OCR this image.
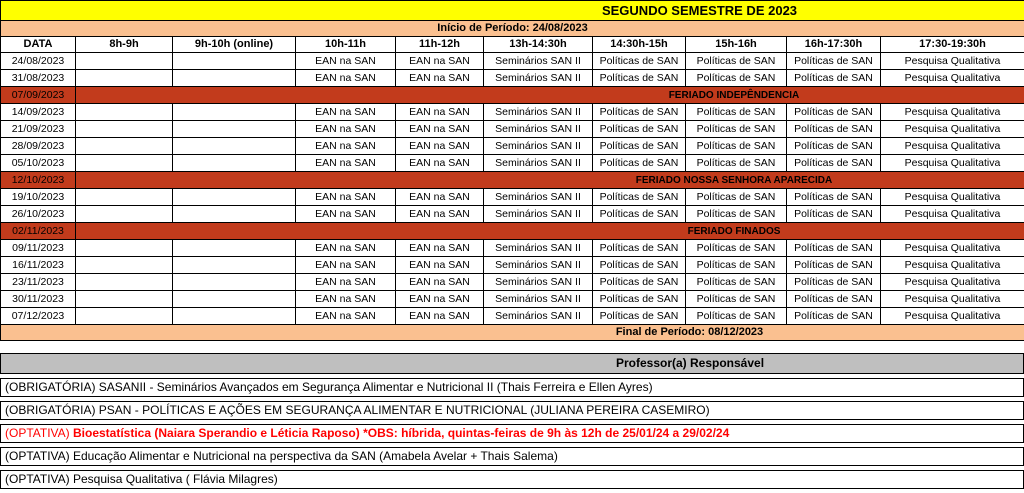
SEGUNDO SEMESTRE DE 2023									
Início de Período: 24/08/2023									
DATA	8h-9h	9h-10h (online)	10h-11h	11h-12h	13h-14:30h	14:30h-15h	15h-16h	16h-17:30h	17:30-19:30h
24/08/2023			EAN na SAN	EAN na SAN	Seminários SAN II	Políticas de SAN	Políticas de SAN	Políticas de SAN	Pesquisa Qualitativa
31/08/2023			EAN na SAN	EAN na SAN	Seminários SAN II	Políticas de SAN	Políticas de SAN	Políticas de SAN	Pesquisa Qualitativa
07/09/2023	FERIADO INDEPÊNDENCIA								
14/09/2023			EAN na SAN	EAN na SAN	Seminários SAN II	Políticas de SAN	Políticas de SAN	Políticas de SAN	Pesquisa Qualitativa
21/09/2023			EAN na SAN	EAN na SAN	Seminários SAN II	Políticas de SAN	Políticas de SAN	Políticas de SAN	Pesquisa Qualitativa
28/09/2023			EAN na SAN	EAN na SAN	Seminários SAN II	Políticas de SAN	Políticas de SAN	Políticas de SAN	Pesquisa Qualitativa
05/10/2023			EAN na SAN	EAN na SAN	Seminários SAN II	Políticas de SAN	Políticas de SAN	Políticas de SAN	Pesquisa Qualitativa
12/10/2023	FERIADO NOSSA SENHORA APARECIDA								
19/10/2023			EAN na SAN	EAN na SAN	Seminários SAN II	Políticas de SAN	Políticas de SAN	Políticas de SAN	Pesquisa Qualitativa
26/10/2023			EAN na SAN	EAN na SAN	Seminários SAN II	Políticas de SAN	Políticas de SAN	Políticas de SAN	Pesquisa Qualitativa
02/11/2023	FERIADO FINADOS								
09/11/2023			EAN na SAN	EAN na SAN	Seminários SAN II	Políticas de SAN	Políticas de SAN	Políticas de SAN	Pesquisa Qualitativa
16/11/2023			EAN na SAN	EAN na SAN	Seminários SAN II	Políticas de SAN	Políticas de SAN	Políticas de SAN	Pesquisa Qualitativa
23/11/2023			EAN na SAN	EAN na SAN	Seminários SAN II	Políticas de SAN	Políticas de SAN	Políticas de SAN	Pesquisa Qualitativa
30/11/2023			EAN na SAN	EAN na SAN	Seminários SAN II	Políticas de SAN	Políticas de SAN	Políticas de SAN	Pesquisa Qualitativa
07/12/2023			EAN na SAN	EAN na SAN	Seminários SAN II	Políticas de SAN	Políticas de SAN	Políticas de SAN	Pesquisa Qualitativa
Final de Período: 08/12/2023									
Professor(a) Responsável
(OBRIGATÓRIA) SASANII - Seminários Avançados em Segurança Alimentar e Nutricional II (Thais Ferreira e Ellen Ayres)
(OBRIGATÓRIA) PSAN - POLÍTICAS E AÇÕES EM SEGURANÇA ALIMENTAR E NUTRICIONAL (JULIANA PEREIRA CASEMIRO)
(OPTATIVA) Bioestatística (Naiara Sperandio e Léticia Raposo) *OBS: híbrida, quintas-feiras de 9h às 12h de 25/01/24 a 29/02/24
(OPTATIVA) Educação Alimentar e Nutricional na perspectiva da SAN (Amabela Avelar + Thais Salema)
(OPTATIVA) Pesquisa Qualitativa ( Flávia Milagres)
